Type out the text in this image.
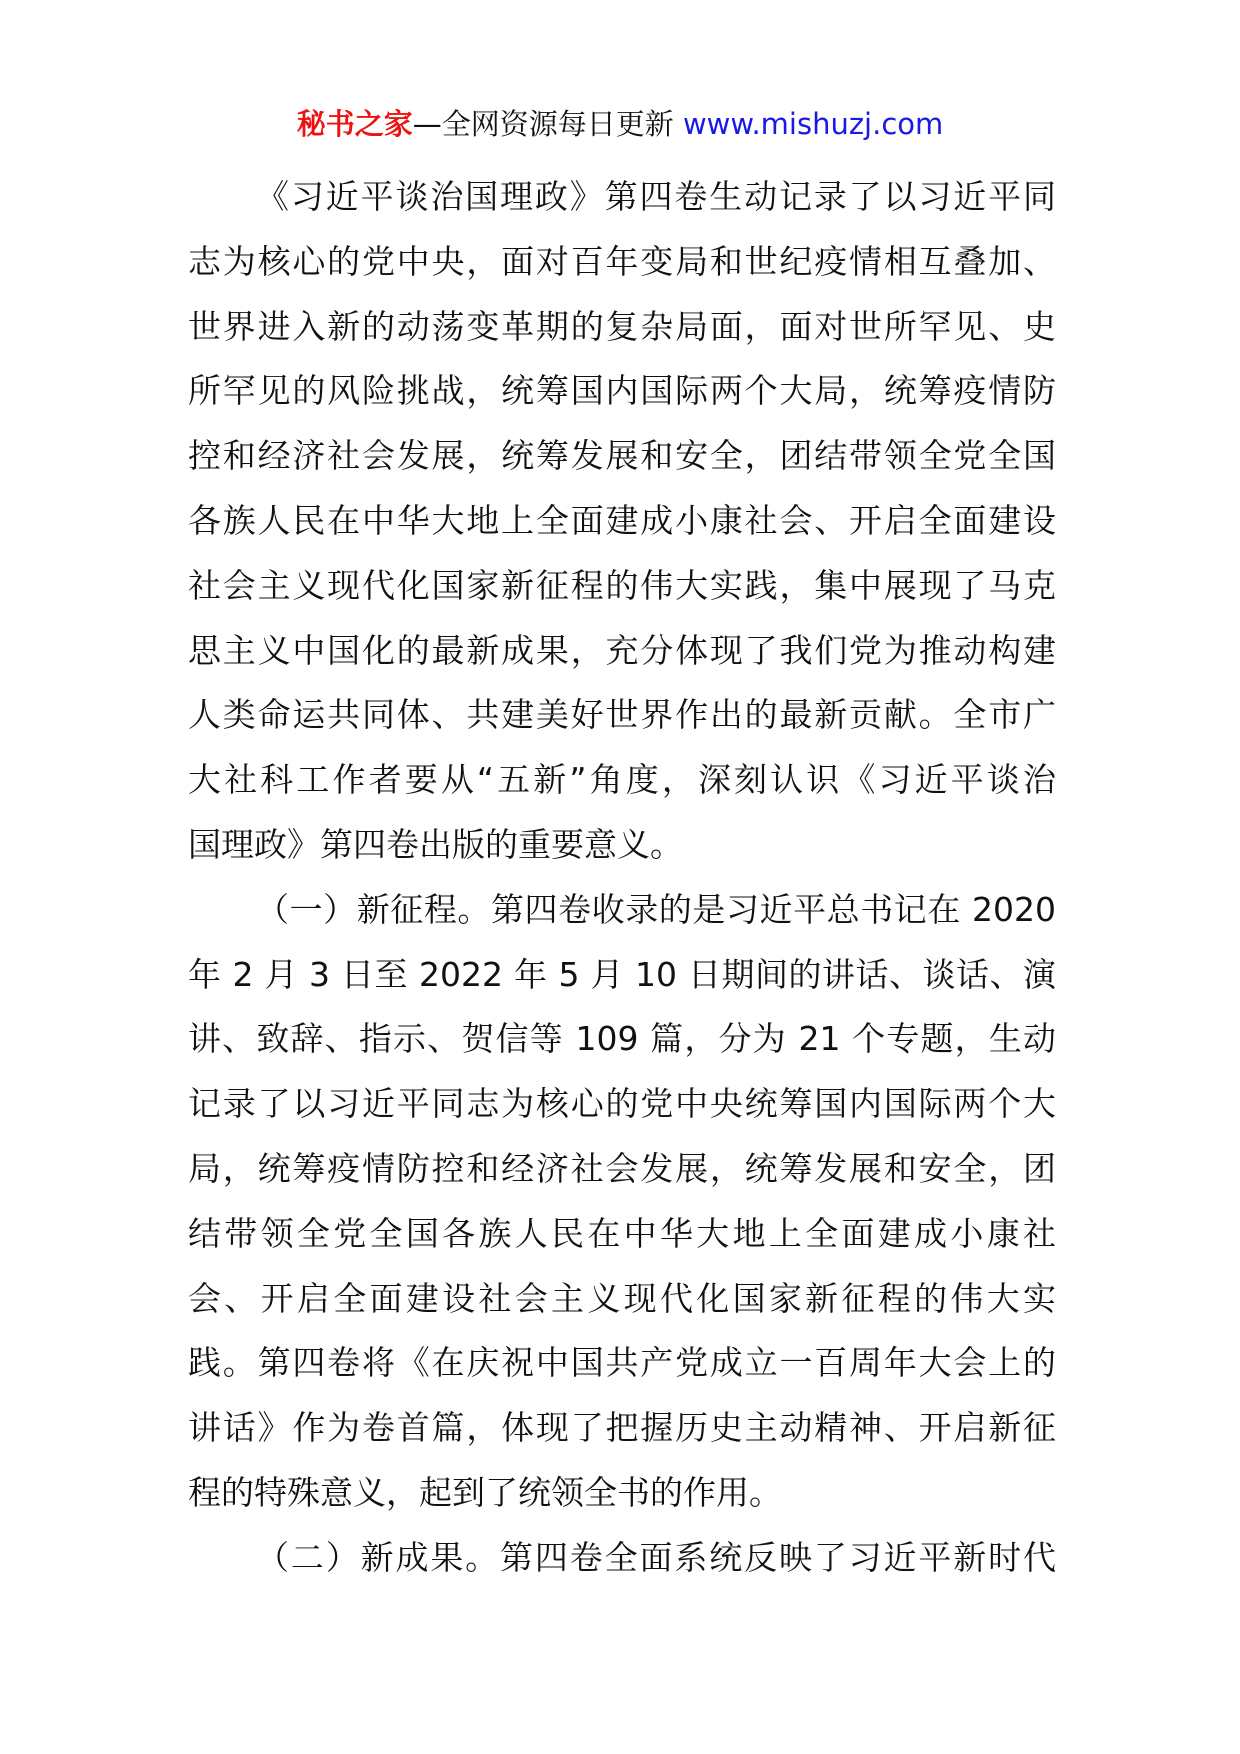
秘书之家—全网资源每日更新 www.mishuzj.com
《习近平谈治国理政》第四卷生动记录了以习近平同
志为核心的党中央，面对百年变局和世纪疫情相互叠加、
世界进入新的动荡变革期的复杂局面，面对世所罕见、史
所罕见的风险挑战，统筹国内国际两个大局，统筹疫情防
控和经济社会发展，统筹发展和安全，团结带领全党全国
各族人民在中华大地上全面建成小康社会、开启全面建设
社会主义现代化国家新征程的伟大实践，集中展现了马克
思主义中国化的最新成果，充分体现了我们党为推动构建
人类命运共同体、共建美好世界作出的最新贡献。全市广
大社科工作者要从“五新”角度，深刻认识《习近平谈治
国理政》第四卷出版的重要意义。
（一）新征程。第四卷收录的是习近平总书记在 2020
年 2 月 3 日至 2022 年 5 月 10 日期间的讲话、谈话、演
讲、致辞、指示、贺信等 109 篇，分为 21 个专题，生动
记录了以习近平同志为核心的党中央统筹国内国际两个大
局，统筹疫情防控和经济社会发展，统筹发展和安全，团
结带领全党全国各族人民在中华大地上全面建成小康社
会、开启全面建设社会主义现代化国家新征程的伟大实
践。第四卷将《在庆祝中国共产党成立一百周年大会上的
讲话》作为卷首篇，体现了把握历史主动精神、开启新征
程的特殊意义，起到了统领全书的作用。
（二）新成果。第四卷全面系统反映了习近平新时代
